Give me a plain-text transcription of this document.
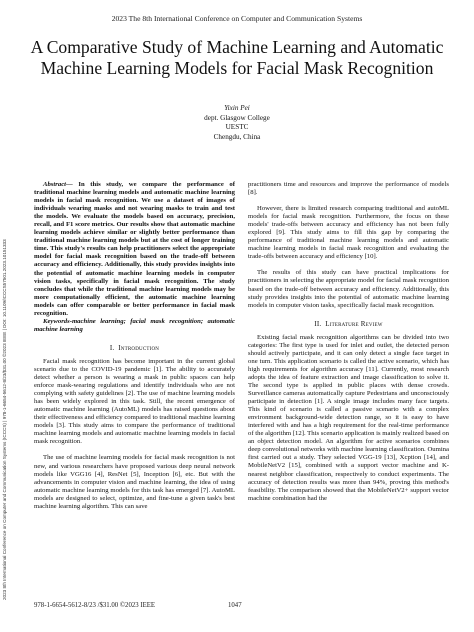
2023 8th International Conference on Computer and Communication Systems (ICCCS) | 978-1-6654-5612-8/23/$31.00 ©2023 IEEE | DOI: 10.1109/ICCCS57501.2023.10151333
2023 The 8th International Conference on Computer and Communication Systems
A Comparative Study of Machine Learning and Automatic Machine Learning Models for Facial Mask Recognition
Yixin Pei
dept. Glasgow College
UESTC
Chengdu, China

Abstract— In this study, we compare the performance of traditional machine learning models and automatic machine learning models in facial mask recognition. We use a dataset of images of individuals wearing masks and not wearing masks to train and test the models. We evaluate the models based on accuracy, precision, recall, and F1 score metrics. Our results show that automatic machine learning models achieve similar or slightly better performance than traditional machine learning models but at the cost of longer training time. This study's results can help practitioners select the appropriate model for facial mask recognition based on the trade-off between accuracy and efficiency. Additionally, this study provides insights into the potential of automatic machine learning models in computer vision tasks, specifically in facial mask recognition. The study concludes that while the traditional machine learning models may be more computationally efficient, the automatic machine learning models can offer comparable or better performance in facial mask recognition.

Keywords-machine learning; facial mask recognition; automatic machine learning

I. Introduction

Facial mask recognition has become important in the current global scenario due to the COVID-19 pandemic [1]. The ability to accurately detect whether a person is wearing a mask in public spaces can help enforce mask-wearing regulations and identify individuals who are not complying with safety guidelines [2]. The use of machine learning models has been widely explored in this task. Still, the recent emergence of automatic machine learning (AutoML) models has raised questions about their effectiveness and efficiency compared to traditional machine learning models [3]. This study aims to compare the performance of traditional machine learning models and automatic machine learning models in facial mask recognition.

The use of machine learning models for facial mask recognition is not new, and various researchers have proposed various deep neural network models like VGG16 [4], ResNet [5], Inception [6], etc. But with the advancements in computer vision and machine learning, the idea of using automatic machine learning models for this task has emerged [7]. AutoML models are designed to select, optimize, and fine-tune a given task's best machine learning algorithm. This can save

practitioners time and resources and improve the performance of models [8].

However, there is limited research comparing traditional and autoML models for facial mask recognition. Furthermore, the focus on these models' trade-offs between accuracy and efficiency has not been fully explored [9]. This study aims to fill this gap by comparing the performance of traditional machine learning models and automatic machine learning models in facial mask recognition and evaluating the trade-offs between accuracy and efficiency [10].

The results of this study can have practical implications for practitioners in selecting the appropriate model for facial mask recognition based on the trade-off between accuracy and efficiency. Additionally, this study provides insights into the potential of automatic machine learning models in computer vision tasks, specifically facial mask recognition.

II. Literature Review

Existing facial mask recognition algorithms can be divided into two categories: The first type is used for inlet and outlet, the detected person should actively participate, and it can only detect a single face target in one turn. This application scenario is called the active scenario, which has high requirements for algorithm accuracy [11]. Currently, most research adopts the idea of feature extraction and image classification to solve it. The second type is applied in public places with dense crowds. Surveillance cameras automatically capture Pedestrians and unconsciously participate in detection [1]. A single image includes many face targets. This kind of scenario is called a passive scenario with a complex environment background-wide detection range, so it is easy to have interfered with and has a high requirement for the real-time performance of the algorithm [12]. This scenario application is mainly realized based on an object detection model. An algorithm for active scenarios combines deep convolutional networks with machine learning classification. Oumina first carried out a study. They selected VGG-19 [13], Xcption [14], and MobileNetV2 [15], combined with a support vector machine and K-nearest neighbor classification, respectively to conduct experiments. The accuracy of detection results was more than 94%, proving this method's feasibility. The comparison showed that the MobileNetV2+ support vector machine combination had the

978-1-6654-5612-8/23 /$31.00 ©2023 IEEE	1047
